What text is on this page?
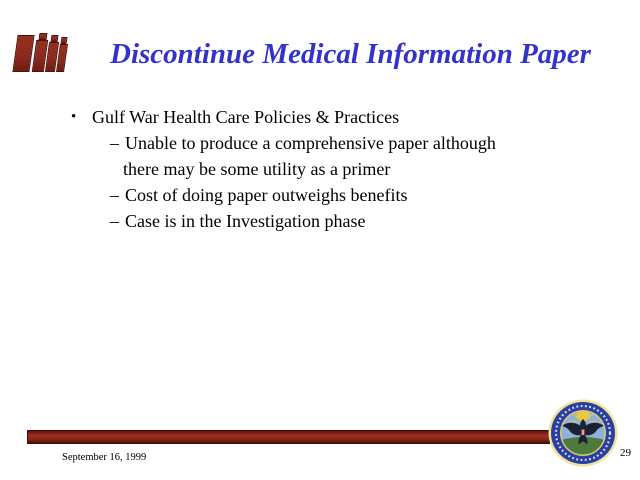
Discontinue Medical Information Paper
• Gulf War Health Care Policies & Practices
– Unable to produce a comprehensive paper although
there may be some utility as a primer
– Cost of doing paper outweighs benefits
– Case is in the Investigation phase
September 16, 1999	29
